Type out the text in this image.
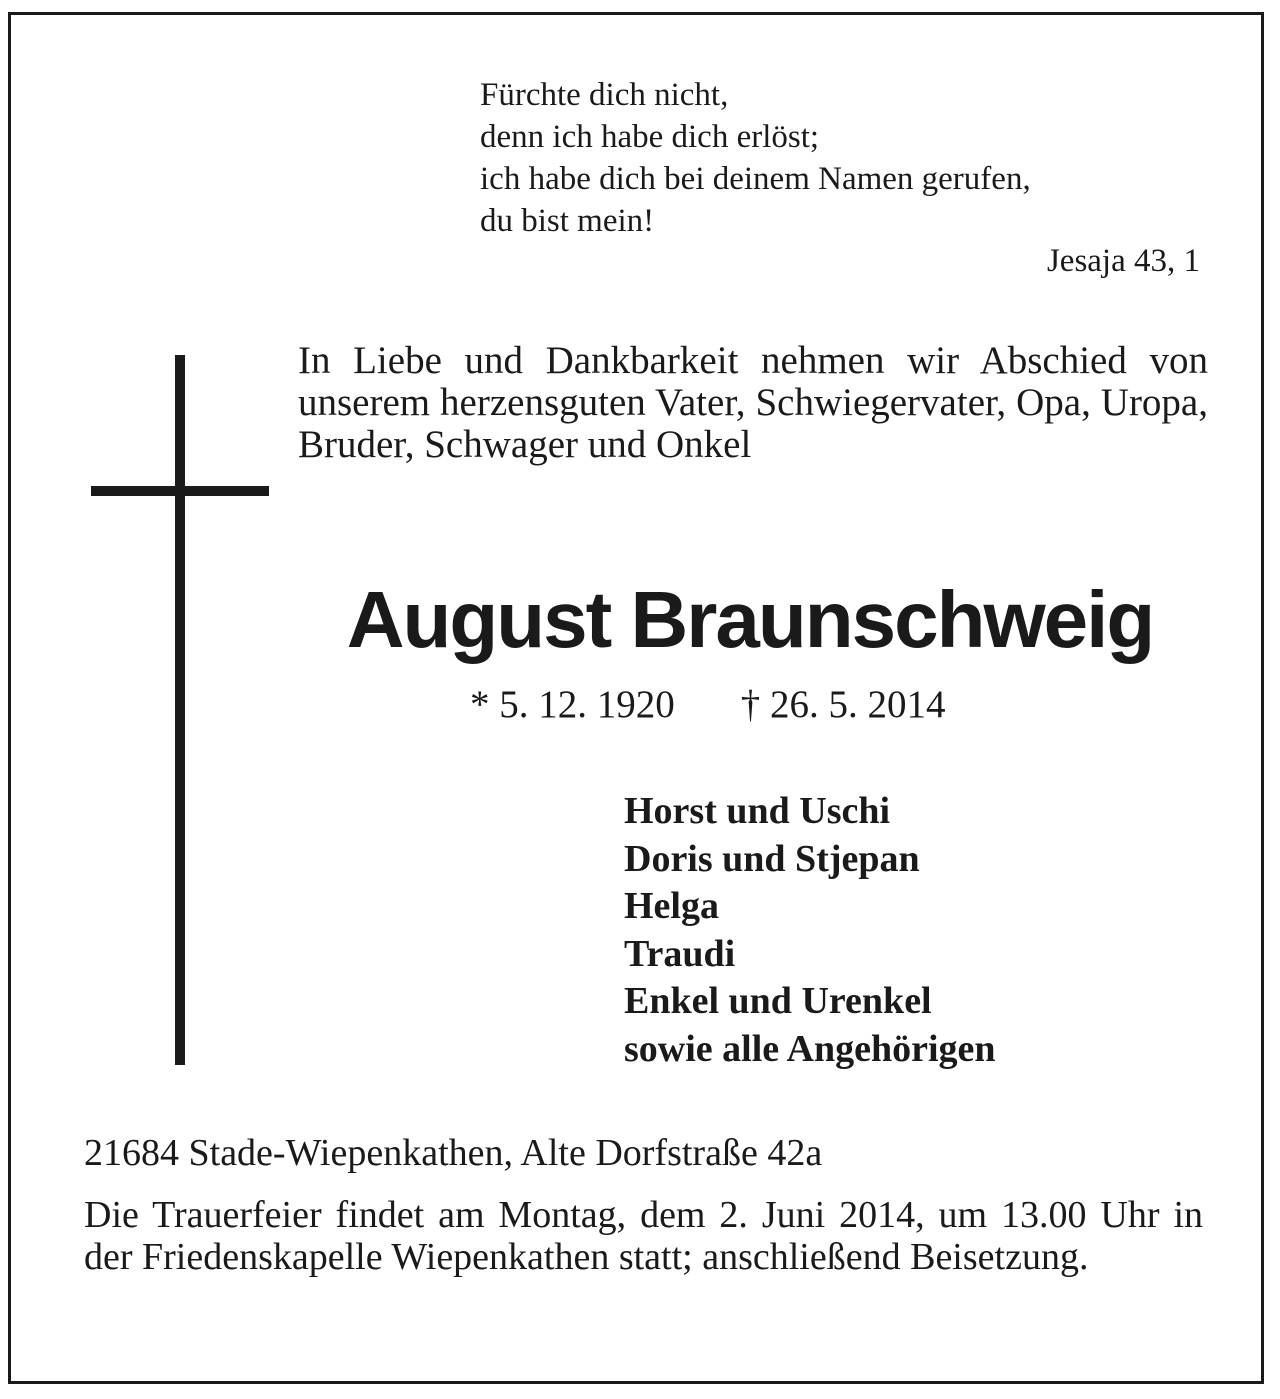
Fürchte dich nicht,
denn ich habe dich erlöst;
ich habe dich bei deinem Namen gerufen,
du bist mein!
Jesaja 43, 1
In Liebe und Dankbarkeit nehmen wir Abschied von unserem herzensguten Vater, Schwiegervater, Opa, Uropa, Bruder, Schwager und Onkel
August Braunschweig
* 5. 12. 1920 † 26. 5. 2014
Horst und Uschi
Doris und Stjepan
Helga
Traudi
Enkel und Urenkel
sowie alle Angehörigen
21684 Stade-Wiepenkathen, Alte Dorfstraße 42a
Die Trauerfeier findet am Montag, dem 2. Juni 2014, um 13.00 Uhr in der Friedenskapelle Wiepenkathen statt; anschließend Beisetzung.
